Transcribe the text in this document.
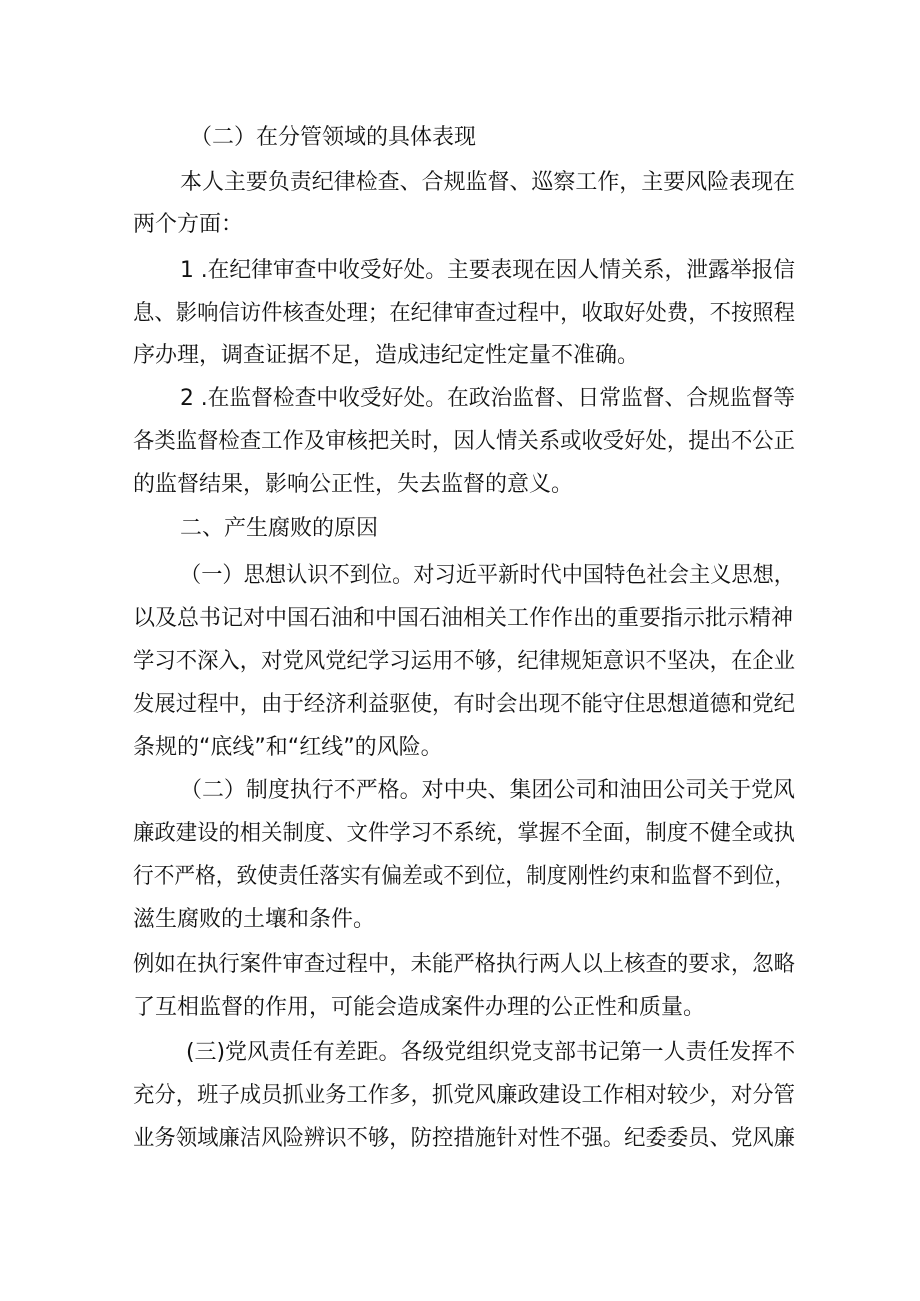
（二）在分管领域的具体表现
本人主要负责纪律检查、合规监督、巡察工作，主要风险表现在
两个方面：
1 .在纪律审查中收受好处。主要表现在因人情关系，泄露举报信
息、影响信访件核查处理；在纪律审查过程中，收取好处费，不按照程
序办理，调查证据不足，造成违纪定性定量不准确。
2 .在监督检查中收受好处。在政治监督、日常监督、合规监督等
各类监督检查工作及审核把关时，因人情关系或收受好处，提出不公正
的监督结果，影响公正性，失去监督的意义。
二、产生腐败的原因
（一）思想认识不到位。对习近平新时代中国特色社会主义思想，
以及总书记对中国石油和中国石油相关工作作出的重要指示批示精神
学习不深入，对党风党纪学习运用不够，纪律规矩意识不坚决，在企业
发展过程中，由于经济利益驱使，有时会出现不能守住思想道德和党纪
条规的“底线”和“红线”的风险。
（二）制度执行不严格。对中央、集团公司和油田公司关于党风
廉政建设的相关制度、文件学习不系统，掌握不全面，制度不健全或执
行不严格，致使责任落实有偏差或不到位，制度刚性约束和监督不到位，
滋生腐败的土壤和条件。
例如在执行案件审查过程中，未能严格执行两人以上核查的要求，忽略
了互相监督的作用，可能会造成案件办理的公正性和质量。
(三)党风责任有差距。各级党组织党支部书记第一人责任发挥不
充分，班子成员抓业务工作多，抓党风廉政建设工作相对较少，对分管
业务领域廉洁风险辨识不够，防控措施针对性不强。纪委委员、党风廉
